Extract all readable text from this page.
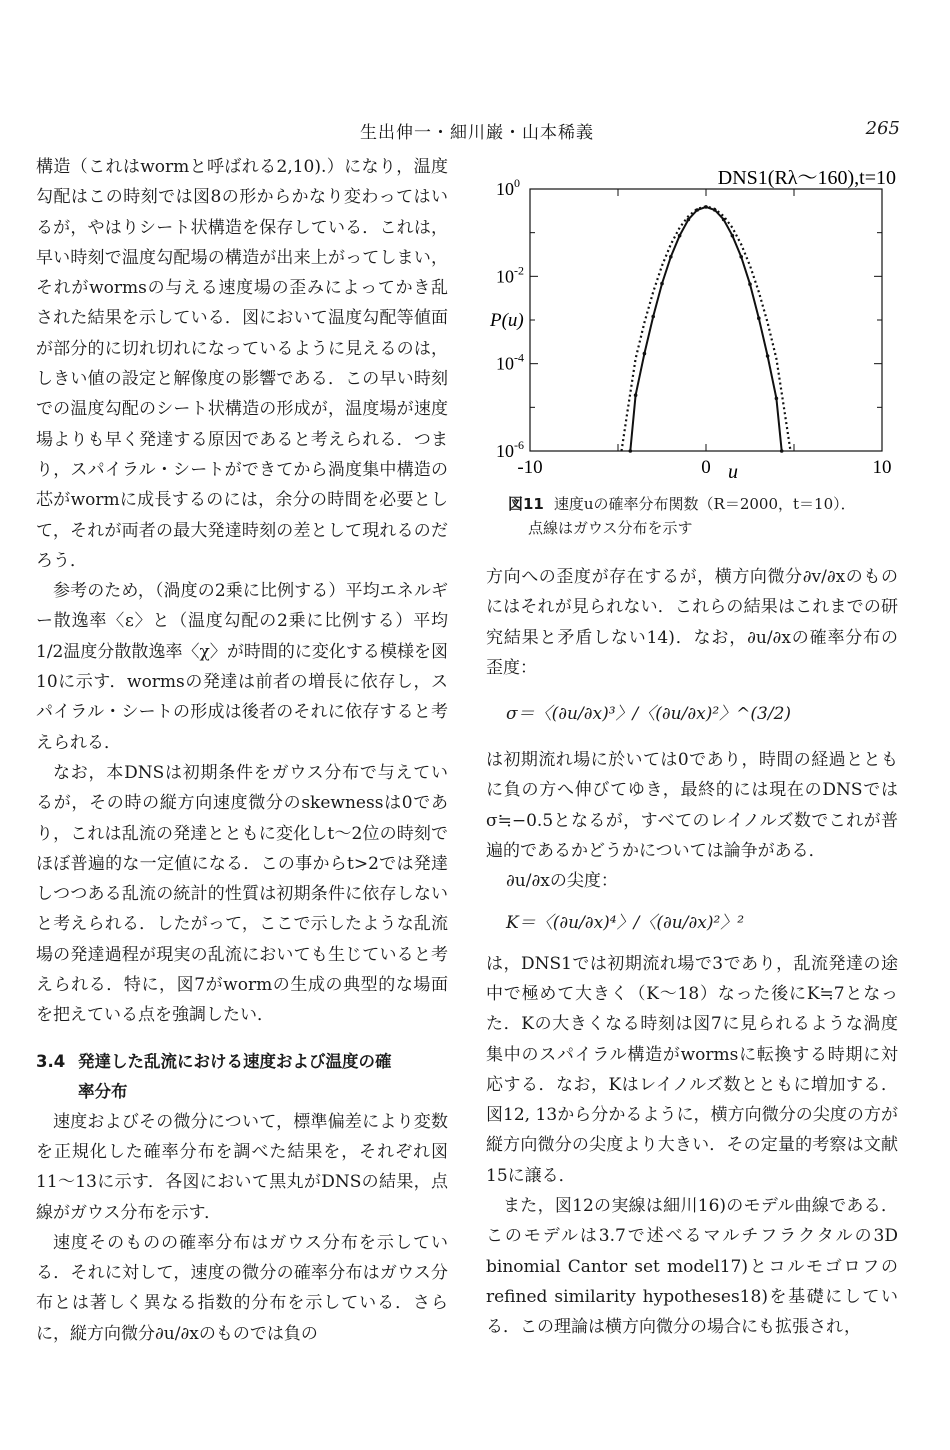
生出伸一・細川巌・山本稀義	265

構造（これはwormと呼ばれる2,10).）になり，温度勾配はこの時刻では図8の形からかなり変わってはいるが，やはりシート状構造を保存している．これは，早い時刻で温度勾配場の構造が出来上がってしまい，それがwormsの与える速度場の歪みによってかき乱された結果を示している．図において温度勾配等値面が部分的に切れ切れになっているように見えるのは，しきい値の設定と解像度の影響である．この早い時刻での温度勾配のシート状構造の形成が，温度場が速度場よりも早く発達する原因であると考えられる．つまり，スパイラル・シートができてから渦度集中構造の芯がwormに成長するのには，余分の時間を必要として，それが両者の最大発達時刻の差として現れるのだろう．

参考のため，（渦度の2乗に比例する）平均エネルギー散逸率〈ε〉と（温度勾配の2乗に比例する）平均1/2温度分散散逸率〈χ〉が時間的に変化する模様を図10に示す．wormsの発達は前者の増長に依存し，スパイラル・シートの形成は後者のそれに依存すると考えられる．

なお，本DNSは初期条件をガウス分布で与えているが，その時の縦方向速度微分のskewnessは0であり，これは乱流の発達とともに変化しt～2位の時刻でほぼ普遍的な一定値になる．この事からt>2では発達しつつある乱流の統計的性質は初期条件に依存しないと考えられる．したがって，ここで示したような乱流場の発達過程が現実の乱流においても生じていると考えられる．特に，図7がwormの生成の典型的な場面を把えている点を強調したい．

3.4 発達した乱流における速度および温度の確
率分布

速度およびその微分について，標準偏差により変数を正規化した確率分布を調べた結果を，それぞれ図11～13に示す．各図において黒丸がDNSの結果，点線がガウス分布を示す．

速度そのものの確率分布はガウス分布を示している．それに対して，速度の微分の確率分布はガウス分布とは著しく異なる指数的分布を示している．さらに，縦方向微分∂u/∂xのものでは負の

DNS1(Rλ～160),t=10
$10^0$
$10^{-2}$
$10^{-4}$
$10^{-6}$
-10	0	10
P(u)
u
図11 速度uの確率分布関数（R＝2000，t＝10）．
点線はガウス分布を示す

方向への歪度が存在するが，横方向微分∂v/∂xのものにはそれが見られない．これらの結果はこれまでの研究結果と矛盾しない14)．なお，∂u/∂xの確率分布の歪度：

σ＝〈(∂u/∂x)³〉/〈(∂u/∂x)²〉^(3/2)

は初期流れ場に於いては0であり，時間の経過とともに負の方へ伸びてゆき，最終的には現在のDNSではσ≒−0.5となるが，すべてのレイノルズ数でこれが普遍的であるかどうかについては論争がある．

∂u/∂xの尖度：
K＝〈(∂u/∂x)⁴〉/〈(∂u/∂x)²〉²

は，DNS1では初期流れ場で3であり，乱流発達の途中で極めて大きく（K～18）なった後にK≒7となった．Kの大きくなる時刻は図7に見られるような渦度集中のスパイラル構造がwormsに転換する時期に対応する．なお，Kはレイノルズ数とともに増加する．図12, 13から分かるように，横方向微分の尖度の方が縦方向微分の尖度より大きい．その定量的考察は文献15に譲る．

また，図12の実線は細川16)のモデル曲線である．このモデルは3.7で述べるマルチフラクタルの3D binomial Cantor set model17)とコルモゴロフのrefined similarity hypotheses18)を基礎にしている．この理論は横方向微分の場合にも拡張され，
